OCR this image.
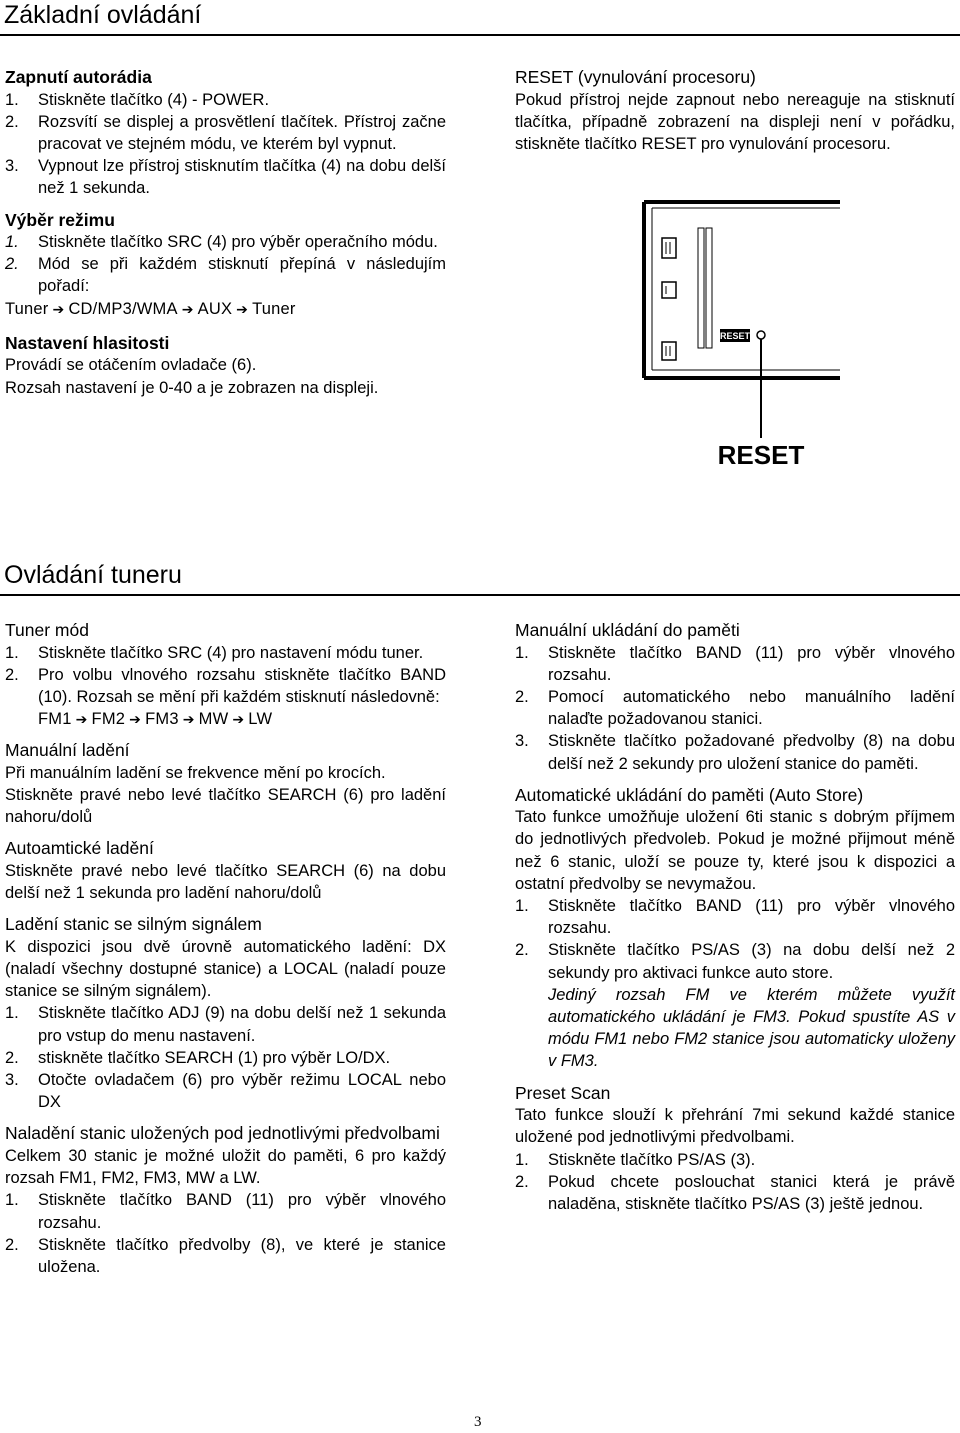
Základní ovládání
Zapnutí autorádia
1.	Stiskněte tlačítko (4) - POWER.
2.	Rozsvítí se displej a prosvětlení tlačítek. Přístroj začne pracovat ve stejném módu, ve kterém byl vypnut.
3.	Vypnout lze přístroj stisknutím tlačítka (4) na dobu delší než 1 sekunda.
Výběr režimu
1.	Stiskněte tlačítko SRC (4) pro výběr operačního módu.
2.	Mód se při každém stisknutí přepíná v následujím pořadí:
Tuner ➔ CD/MP3/WMA ➔ AUX ➔ Tuner
Nastavení hlasitosti
Provádí se otáčením ovladače (6).
Rozsah nastavení je 0-40 a je zobrazen na displeji.
RESET (vynulování procesoru)
Pokud přístroj nejde zapnout nebo nereaguje na stisknutí tlačítka, případně zobrazení na displeji není v pořádku, stiskněte tlačítko RESET pro vynulování procesoru.
RESET
RESET
Ovládání tuneru
Tuner mód
1.	Stiskněte tlačítko SRC (4) pro nastavení módu tuner.
2.	Pro volbu vlnového rozsahu stiskněte tlačítko BAND (10). Rozsah se mění při každém stisknutí následovně:
FM1 ➔ FM2 ➔ FM3 ➔ MW ➔ LW
Manuální ladění
Při manuálním ladění se frekvence mění po krocích.
Stiskněte pravé nebo levé tlačítko SEARCH (6) pro ladění nahoru/dolů
Autoamtické ladění
Stiskněte pravé nebo levé tlačítko SEARCH (6) na dobu delší než 1 sekunda pro ladění nahoru/dolů
Ladění stanic se silným signálem
K dispozici jsou dvě úrovně automatického ladění: DX (naladí všechny dostupné stanice) a LOCAL (naladí pouze stanice se silným signálem).
1.	Stiskněte tlačítko ADJ (9) na dobu delší než 1 sekunda pro vstup do menu nastavení.
2.	stiskněte tlačítko SEARCH (1) pro výběr LO/DX.
3.	Otočte ovladačem (6) pro výběr režimu LOCAL nebo DX
Naladění stanic uložených pod jednotlivými předvolbami
Celkem 30 stanic je možné uložit do paměti, 6 pro každý rozsah FM1, FM2, FM3, MW a LW.
1.	Stiskněte tlačítko BAND (11) pro výběr vlnového rozsahu.
2.	Stiskněte tlačítko předvolby (8), ve které je stanice uložena.
Manuální ukládání do paměti
1.	Stiskněte tlačítko BAND (11) pro výběr vlnového rozsahu.
2.	Pomocí automatického nebo manuálního ladění nalaďte požadovanou stanici.
3.	Stiskněte tlačítko požadované předvolby (8) na dobu delší než 2 sekundy pro uložení stanice do paměti.
Automatické ukládání do paměti (Auto Store)
Tato funkce umožňuje uložení 6ti stanic s dobrým příjmem do jednotlivých předvoleb. Pokud je možné přijmout méně než 6 stanic, uloží se pouze ty, které jsou k dispozici a ostatní předvolby se nevymažou.
1.	Stiskněte tlačítko BAND (11) pro výběr vlnového rozsahu.
2.	Stiskněte tlačítko PS/AS (3) na dobu delší než 2 sekundy pro aktivaci funkce auto store.
Jediný rozsah FM ve kterém můžete využít automatického ukládání je FM3. Pokud spustíte AS v módu FM1 nebo FM2 stanice jsou automaticky uloženy v FM3.
Preset Scan
Tato funkce slouží k přehrání 7mi sekund každé stanice uložené pod jednotlivými předvolbami.
1.	Stiskněte tlačítko PS/AS (3).
2.	Pokud chcete poslouchat stanici která je právě naladěna, stiskněte tlačítko PS/AS (3) ještě jednou.
3
